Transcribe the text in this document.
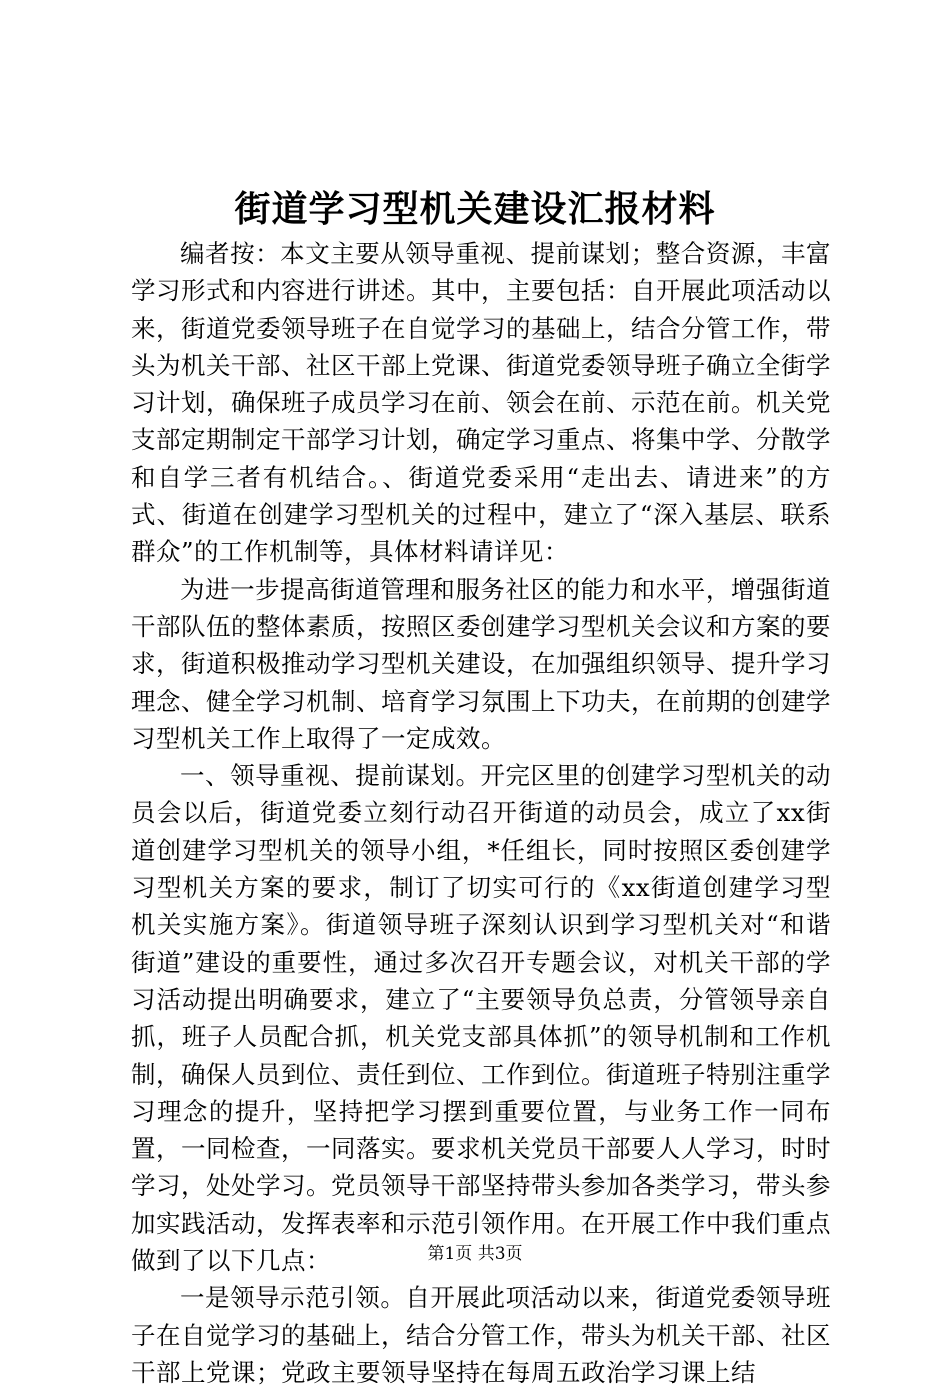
街道学习型机关建设汇报材料

编者按：本文主要从领导重视、提前谋划；整合资源，丰富学习形式和内容进行讲述。其中，主要包括：自开展此项活动以来，街道党委领导班子在自觉学习的基础上，结合分管工作，带头为机关干部、社区干部上党课、街道党委领导班子确立全街学习计划，确保班子成员学习在前、领会在前、示范在前。机关党支部定期制定干部学习计划，确定学习重点、将集中学、分散学和自学三者有机结合。、街道党委采用“走出去、请进来”的方式、街道在创建学习型机关的过程中，建立了“深入基层、联系群众”的工作机制等，具体材料请详见：

为进一步提高街道管理和服务社区的能力和水平，增强街道干部队伍的整体素质，按照区委创建学习型机关会议和方案的要求，街道积极推动学习型机关建设，在加强组织领导、提升学习理念、健全学习机制、培育学习氛围上下功夫，在前期的创建学习型机关工作上取得了一定成效。

一、领导重视、提前谋划。开完区里的创建学习型机关的动员会以后，街道党委立刻行动召开街道的动员会，成立了xx街道创建学习型机关的领导小组，*任组长，同时按照区委创建学习型机关方案的要求，制订了切实可行的《xx街道创建学习型机关实施方案》。街道领导班子深刻认识到学习型机关对“和谐街道”建设的重要性，通过多次召开专题会议，对机关干部的学习活动提出明确要求，建立了“主要领导负总责，分管领导亲自抓，班子人员配合抓，机关党支部具体抓”的领导机制和工作机制，确保人员到位、责任到位、工作到位。街道班子特别注重学习理念的提升，坚持把学习摆到重要位置，与业务工作一同布置，一同检查，一同落实。要求机关党员干部要人人学习，时时学习，处处学习。党员领导干部坚持带头参加各类学习，带头参加实践活动，发挥表率和示范引领作用。在开展工作中我们重点做到了以下几点：

一是领导示范引领。自开展此项活动以来，街道党委领导班子在自觉学习的基础上，结合分管工作，带头为机关干部、社区干部上党课；党政主要领导坚持在每周五政治学习课上结

第1页 共3页
